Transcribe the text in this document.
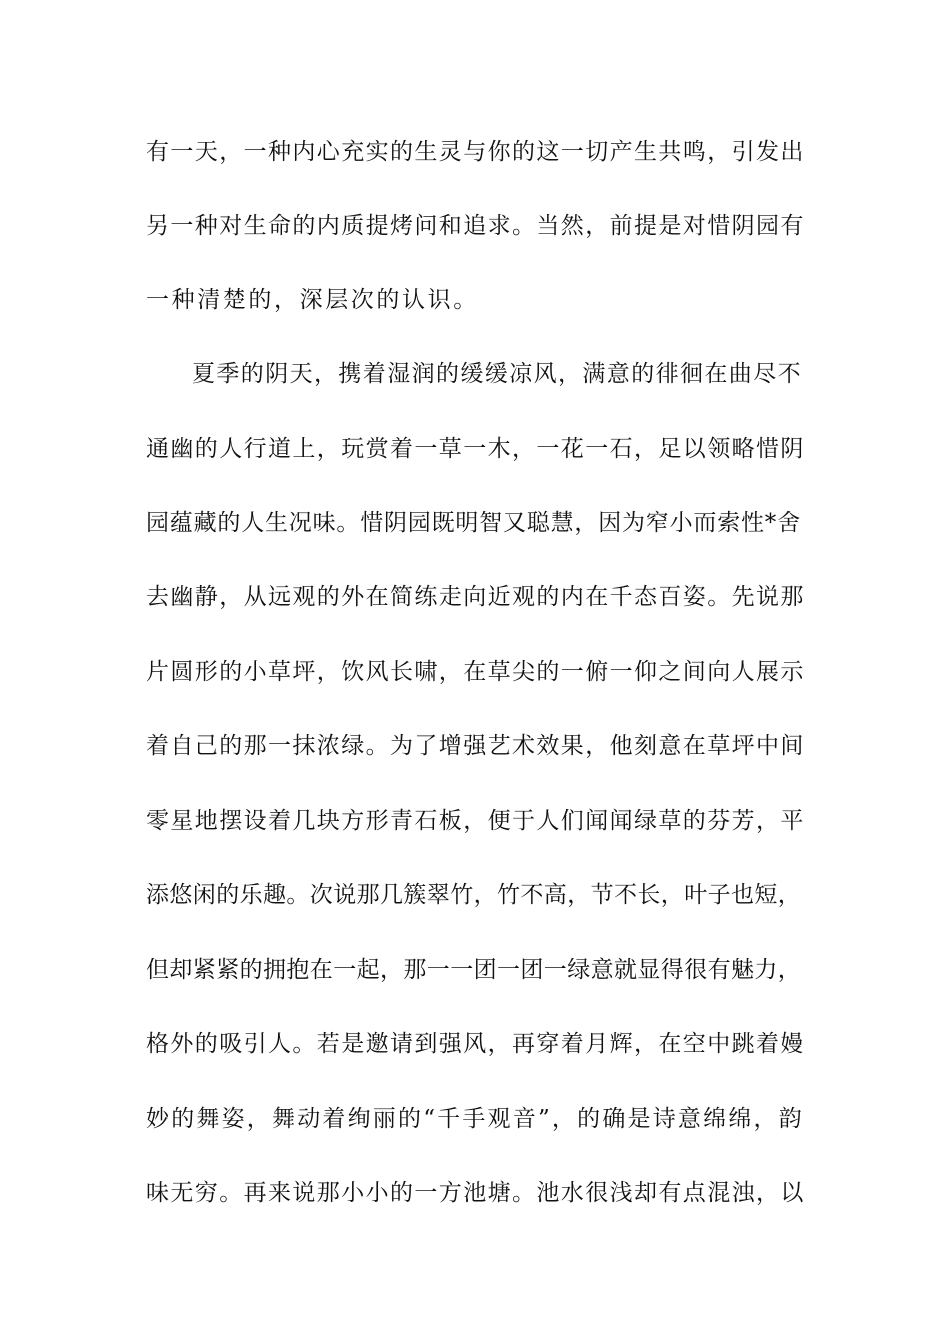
有一天，一种内心充实的生灵与你的这一切产生共鸣，引发出
另一种对生命的内质提烤问和追求。当然，前提是对惜阴园有
一种清楚的，深层次的认识。
夏季的阴天，携着湿润的缓缓凉风，满意的徘徊在曲尽不
通幽的人行道上，玩赏着一草一木，一花一石，足以领略惜阴
园蕴藏的人生况味。惜阴园既明智又聪慧，因为窄小而索性*舍
去幽静，从远观的外在简练走向近观的内在千态百姿。先说那
片圆形的小草坪，饮风长啸，在草尖的一俯一仰之间向人展示
着自己的那一抹浓绿。为了增强艺术效果，他刻意在草坪中间
零星地摆设着几块方形青石板，便于人们闻闻绿草的芬芳，平
添悠闲的乐趣。次说那几簇翠竹，竹不高，节不长，叶子也短，
但却紧紧的拥抱在一起，那一一团一团一绿意就显得很有魅力，
格外的吸引人。若是邀请到强风，再穿着月辉，在空中跳着嫚
妙的舞姿，舞动着绚丽的“千手观音”，的确是诗意绵绵，韵
味无穷。再来说那小小的一方池塘。池水很浅却有点混浊，以
